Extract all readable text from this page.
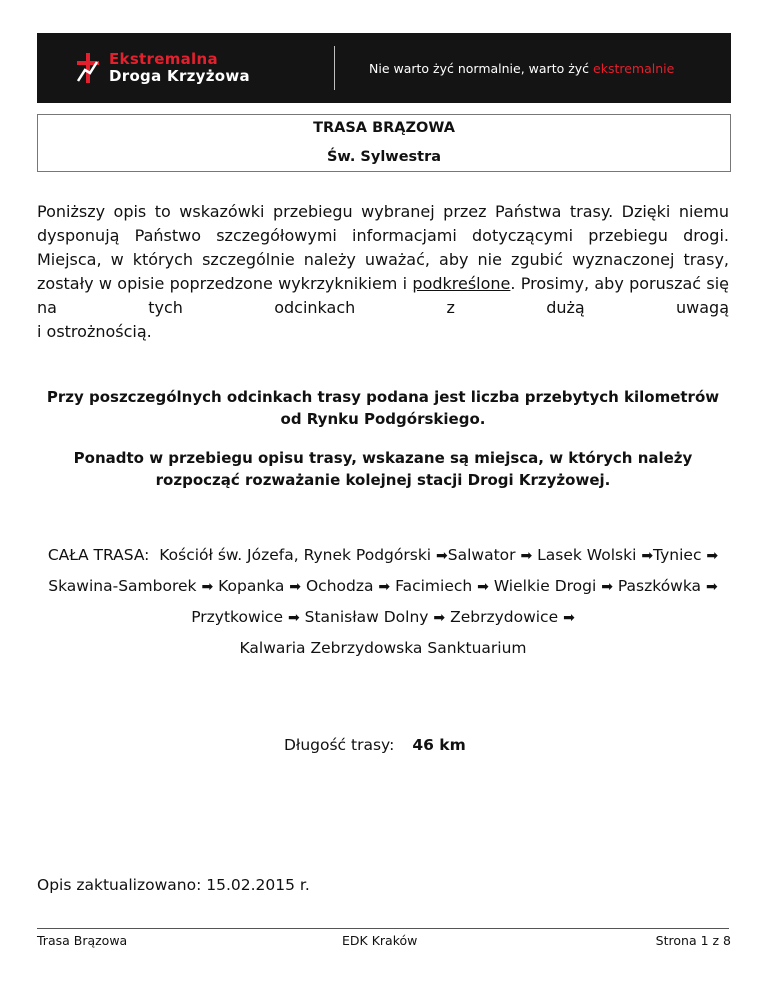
Ekstremalna
Droga Krzyżowa	Nie warto żyć normalnie, warto żyć ekstremalnie
TRASA BRĄZOWA
Św. Sylwestra
Poniższy opis to wskazówki przebiegu wybranej przez Państwa trasy. Dzięki niemu dysponują Państwo szczegółowymi informacjami dotyczącymi przebiegu drogi. Miejsca, w których szczególnie należy uważać, aby nie zgubić wyznaczonej trasy, zostały w opisie poprzedzone wykrzyknikiem i podkreślone. Prosimy, aby poruszać się na tych odcinkach z dużą uwagą
i ostrożnością.
Przy poszczególnych odcinkach trasy podana jest liczba przebytych kilometrów od Rynku Podgórskiego.
Ponadto w przebiegu opisu trasy, wskazane są miejsca, w których należy rozpocząć rozważanie kolejnej stacji Drogi Krzyżowej.
CAŁA TRASA: Kościół św. Józefa, Rynek Podgórski ➡Salwator ➡ Lasek Wolski ➡Tyniec ➡ Skawina-Samborek ➡ Kopanka ➡ Ochodza ➡ Facimiech ➡ Wielkie Drogi ➡ Paszkówka ➡ Przytkowice ➡ Stanisław Dolny ➡ Zebrzydowice ➡
Kalwaria Zebrzydowska Sanktuarium
Długość trasy: 46 km
Opis zaktualizowano: 15.02.2015 r.
Trasa Brązowa	EDK Kraków	Strona 1 z 8
